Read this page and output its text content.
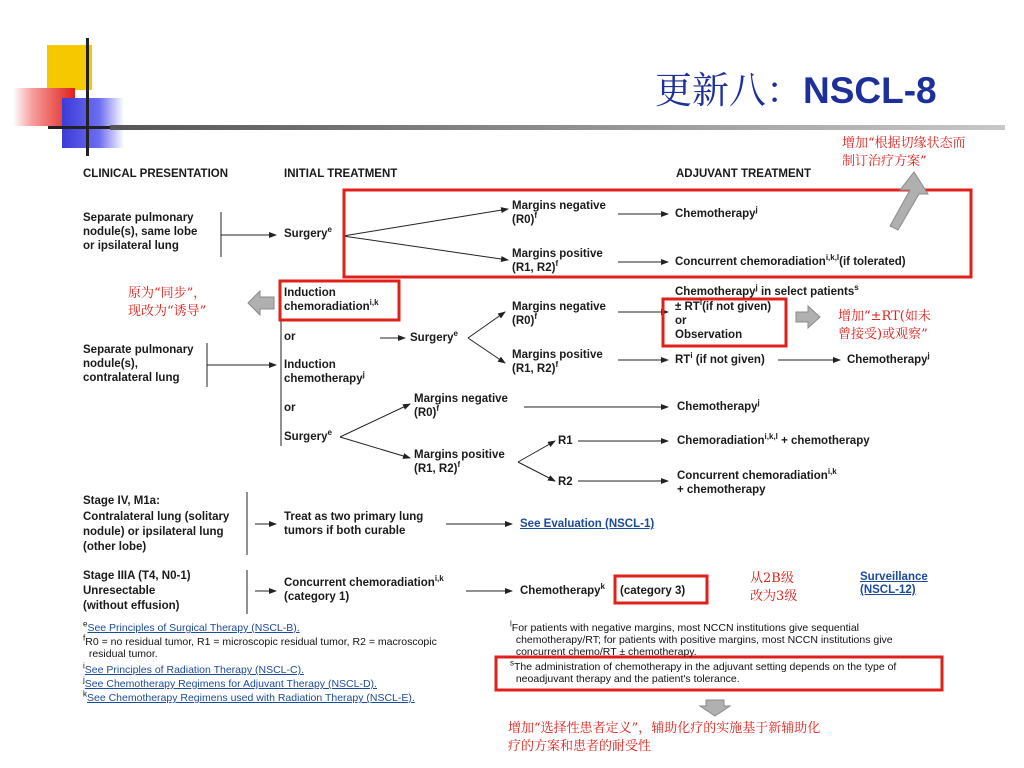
更新八：NSCL-8
CLINICAL PRESENTATION	INITIAL TREATMENT	ADJUVANT TREATMENT
Separate pulmonary
nodule(s), same lobe
or ipsilateral lung
Surgery$^e$
Margins negative
$(R0)^f$
Margins positive
(R1, R2)$^f$
Chemotherapy$^j$
Concurrent chemoradiation$^{i,k,l}$(if tolerated)
Separate pulmonary
nodule(s),
contralateral lung
Induction
chemoradiation$^{i,k}$
or
Induction
chemotherapy$^j$
Surgery$^e$
Margins negative
$(R0)^f$
Margins positive
(R1, R2)$^f$
Chemotherapy$^j$ in select patients$^s$
± $RT^i(if$ not given)
or
Observation
$RT^i$ (if not given)	Chemotherapy$^j$
or
Surgery$^e$
Margins negative
$(R0)^f$
Margins positive
(R1, R2)$^f$
Chemotherapy$^j$
R1
R2
Chemoradiation$^{i,k,l}$ + chemotherapy
Concurrent chemoradiation$^{i,k}$
+ chemotherapy
Stage IV, M1a:
Contralateral lung (solitary
nodule) or ipsilateral lung
(other lobe)
Treat as two primary lung
tumors if both curable
See Evaluation (NSCL-1)
Stage IIIA (T4, N0-1)
Unresectable
(without effusion)
Concurrent chemoradiation$^{i,k}$
(category 1)	Chemotherapy$^k$ (category 3)
Surveillance
(NSCL-12)
$^e$See Principles of Surgical Therapy (NSCL-B).
$^f$R0 = no residual tumor, R1 = microscopic residual tumor, R2 = macroscopic
residual tumor.
$^i$See Principles of Radiation Therapy (NSCL-C).
$^j$See Chemotherapy Regimens for Adjuvant Therapy (NSCL-D).
$^k$See Chemotherapy Regimens used with Radiation Therapy (NSCL-E).
$^l$For patients with negative margins, most NCCN institutions give sequential
chemotherapy/RT; for patients with positive margins, most NCCN institutions give
concurrent chemo/RT ± chemotherapy.
$^s$The administration of chemotherapy in the adjuvant setting depends on the type of
neoadjuvant therapy and the patient's tolerance.
增加“根据切缘状态而
制订治疗方案”
原为“同步”，
现改为“诱导”	增加“±RT(如未
曾接受)或观察”
从2B级
改为3级
增加“选择性患者定义”，辅助化疗的实施基于新辅助化
疗的方案和患者的耐受性
